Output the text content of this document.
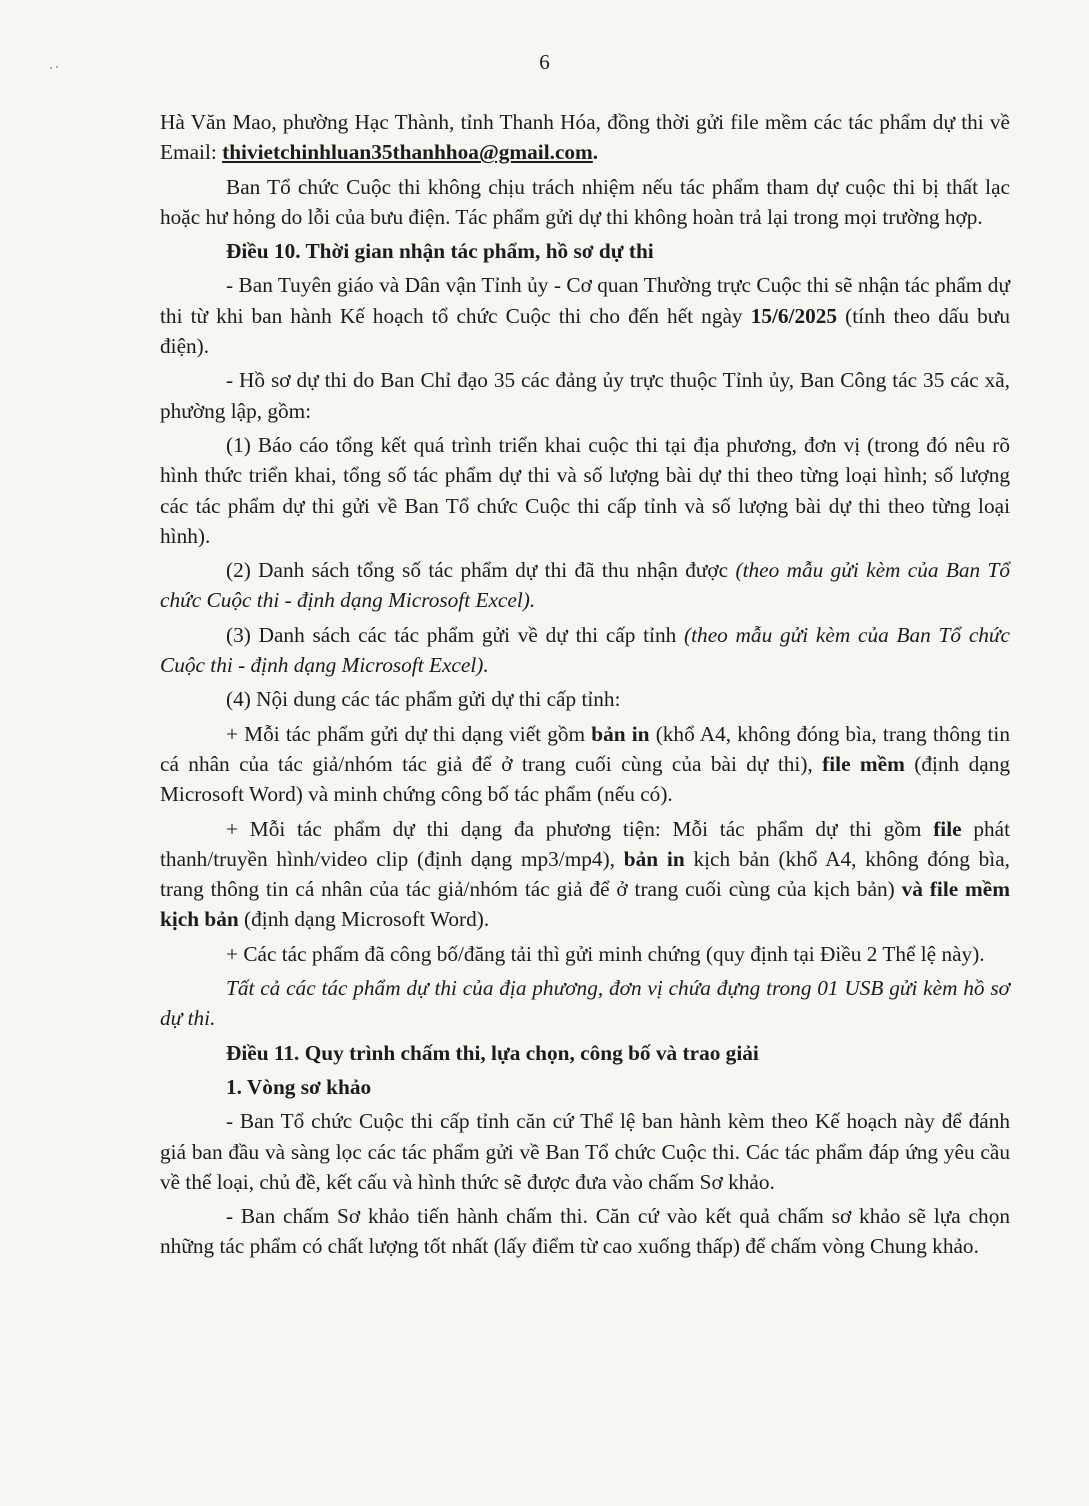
6

Hà Văn Mao, phường Hạc Thành, tỉnh Thanh Hóa, đồng thời gửi file mềm các tác phẩm dự thi về Email: thivietchinhluan35thanhhoa@gmail.com.

Ban Tổ chức Cuộc thi không chịu trách nhiệm nếu tác phẩm tham dự cuộc thi bị thất lạc hoặc hư hỏng do lỗi của bưu điện. Tác phẩm gửi dự thi không hoàn trả lại trong mọi trường hợp.

Điều 10. Thời gian nhận tác phẩm, hồ sơ dự thi

- Ban Tuyên giáo và Dân vận Tỉnh ủy - Cơ quan Thường trực Cuộc thi sẽ nhận tác phẩm dự thi từ khi ban hành Kế hoạch tổ chức Cuộc thi cho đến hết ngày 15/6/2025 (tính theo dấu bưu điện).

- Hồ sơ dự thi do Ban Chỉ đạo 35 các đảng ủy trực thuộc Tỉnh ủy, Ban Công tác 35 các xã, phường lập, gồm:

(1) Báo cáo tổng kết quá trình triển khai cuộc thi tại địa phương, đơn vị (trong đó nêu rõ hình thức triển khai, tổng số tác phẩm dự thi và số lượng bài dự thi theo từng loại hình; số lượng các tác phẩm dự thi gửi về Ban Tổ chức Cuộc thi cấp tỉnh và số lượng bài dự thi theo từng loại hình).

(2) Danh sách tổng số tác phẩm dự thi đã thu nhận được (theo mẫu gửi kèm của Ban Tổ chức Cuộc thi - định dạng Microsoft Excel).

(3) Danh sách các tác phẩm gửi về dự thi cấp tỉnh (theo mẫu gửi kèm của Ban Tổ chức Cuộc thi - định dạng Microsoft Excel).

(4) Nội dung các tác phẩm gửi dự thi cấp tỉnh:

+ Mỗi tác phẩm gửi dự thi dạng viết gồm bản in (khổ A4, không đóng bìa, trang thông tin cá nhân của tác giả/nhóm tác giả để ở trang cuối cùng của bài dự thi), file mềm (định dạng Microsoft Word) và minh chứng công bố tác phẩm (nếu có).

+ Mỗi tác phẩm dự thi dạng đa phương tiện: Mỗi tác phẩm dự thi gồm file phát thanh/truyền hình/video clip (định dạng mp3/mp4), bản in kịch bản (khổ A4, không đóng bìa, trang thông tin cá nhân của tác giả/nhóm tác giả để ở trang cuối cùng của kịch bản) và file mềm kịch bản (định dạng Microsoft Word).

+ Các tác phẩm đã công bố/đăng tải thì gửi minh chứng (quy định tại Điều 2 Thể lệ này).

Tất cả các tác phẩm dự thi của địa phương, đơn vị chứa đựng trong 01 USB gửi kèm hồ sơ dự thi.

Điều 11. Quy trình chấm thi, lựa chọn, công bố và trao giải

1. Vòng sơ khảo

- Ban Tổ chức Cuộc thi cấp tỉnh căn cứ Thể lệ ban hành kèm theo Kế hoạch này để đánh giá ban đầu và sàng lọc các tác phẩm gửi về Ban Tổ chức Cuộc thi. Các tác phẩm đáp ứng yêu cầu về thể loại, chủ đề, kết cấu và hình thức sẽ được đưa vào chấm Sơ khảo.

- Ban chấm Sơ khảo tiến hành chấm thi. Căn cứ vào kết quả chấm sơ khảo sẽ lựa chọn những tác phẩm có chất lượng tốt nhất (lấy điểm từ cao xuống thấp) để chấm vòng Chung khảo.
